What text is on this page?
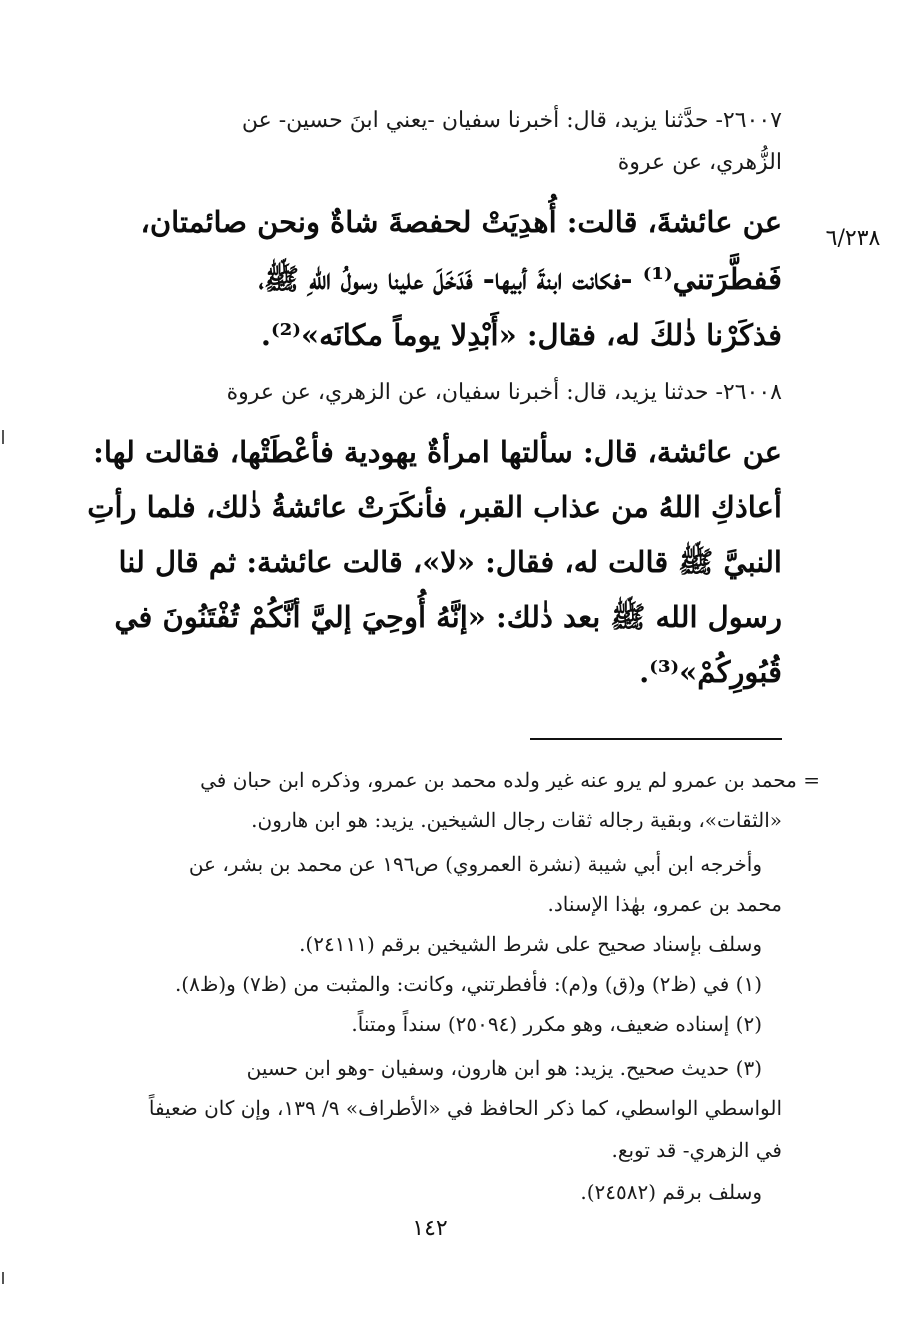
٦/٢٣٨

٢٦٠٠٧- حدَّثنا يزيد، قال: أخبرنا سفيان -يعني ابنَ حسين- عن

الزُّهري، عن عروة

عن عائشةَ، قالت: أُهدِيَتْ لحفصةَ شاةٌ ونحن صائمتان،

فَفطَّرَتني⁽¹⁾ -فكانت ابنةَ أبيها- فَدَخَلَ علينا رسولُ اللهِ ﷺ،

فذكَرْنا ذٰلكَ له، فقال: «أَبْدِلا يوماً مكانَه»⁽²⁾.

٢٦٠٠٨- حدثنا يزيد، قال: أخبرنا سفيان، عن الزهري، عن عروة

عن عائشة، قال: سألتها امرأةٌ يهودية فأعْطَتْها، فقالت لها:

أعاذكِ اللهُ من عذاب القبر، فأنكَرَتْ عائشةُ ذٰلك، فلما رأتِ

النبيَّ ﷺ قالت له، فقال: «لا»، قالت عائشة: ثم قال لنا

رسول الله ﷺ بعد ذٰلك: «إنَّهُ أُوحِيَ إليَّ أنَّكُمْ تُفْتَنُونَ في

قُبُورِكُمْ»⁽³⁾.

= محمد بن عمرو لم يرو عنه غير ولده محمد بن عمرو، وذكره ابن حبان في

«الثقات»، وبقية رجاله ثقات رجال الشيخين. يزيد: هو ابن هارون.

وأخرجه ابن أبي شيبة (نشرة العمروي) ص١٩٦ عن محمد بن بشر، عن

محمد بن عمرو، بهٰذا الإسناد.

وسلف بإسناد صحيح على شرط الشيخين برقم (٢٤١١١).

(١) في (ظ٢) و(ق) و(م): فأفطرتني، وكانت: والمثبت من (ظ٧) و(ظ٨).

(٢) إسناده ضعيف، وهو مكرر (٢٥٠٩٤) سنداً ومتناً.

(٣) حديث صحيح. يزيد: هو ابن هارون، وسفيان -وهو ابن حسين

الواسطي الواسطي، كما ذكر الحافظ في «الأطراف» ٩/ ١٣٩، وإن كان ضعيفاً

في الزهري- قد توبع.

وسلف برقم (٢٤٥٨٢).

١٤٢
